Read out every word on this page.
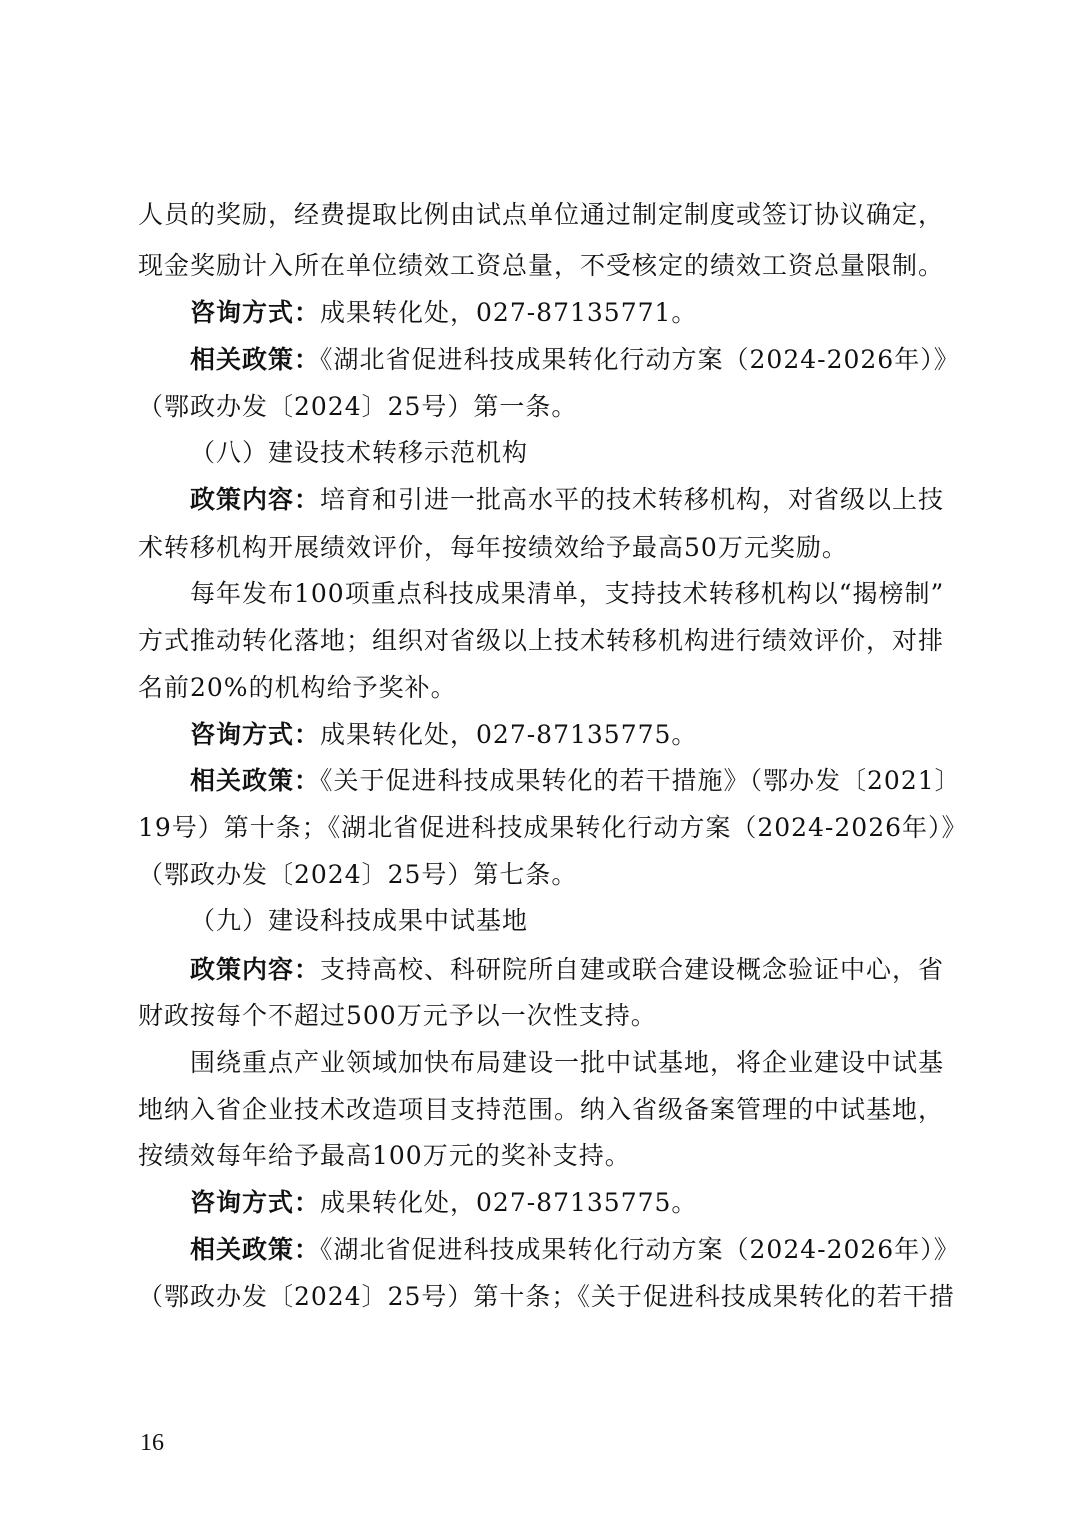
人员的奖励，经费提取比例由试点单位通过制定制度或签订协议确定，
现金奖励计入所在单位绩效工资总量，不受核定的绩效工资总量限制。
咨询方式：成果转化处，027-87135771。
相关政策：《湖北省促进科技成果转化行动方案（2024-2026年）》
（鄂政办发〔2024〕25号）第一条。
（八）建设技术转移示范机构
政策内容：培育和引进一批高水平的技术转移机构，对省级以上技
术转移机构开展绩效评价，每年按绩效给予最高50万元奖励。
每年发布100项重点科技成果清单，支持技术转移机构以“揭榜制”
方式推动转化落地；组织对省级以上技术转移机构进行绩效评价，对排
名前20%的机构给予奖补。
咨询方式：成果转化处，027-87135775。
相关政策：《关于促进科技成果转化的若干措施》（鄂办发〔2021〕
19号）第十条；《湖北省促进科技成果转化行动方案（2024-2026年）》
（鄂政办发〔2024〕25号）第七条。
（九）建设科技成果中试基地
政策内容：支持高校、科研院所自建或联合建设概念验证中心，省
财政按每个不超过500万元予以一次性支持。
围绕重点产业领域加快布局建设一批中试基地，将企业建设中试基
地纳入省企业技术改造项目支持范围。纳入省级备案管理的中试基地，
按绩效每年给予最高100万元的奖补支持。
咨询方式：成果转化处，027-87135775。
相关政策：《湖北省促进科技成果转化行动方案（2024-2026年）》
（鄂政办发〔2024〕25号）第十条；《关于促进科技成果转化的若干措
16
